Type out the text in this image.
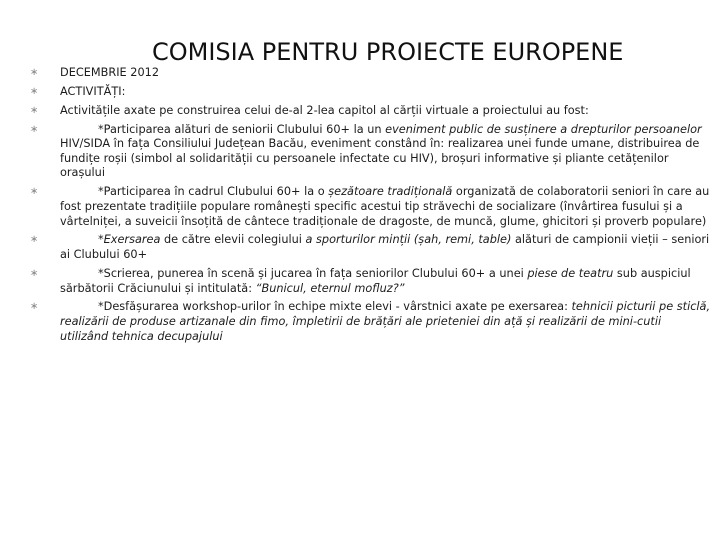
COMISIA PENTRU PROIECTE EUROPENE
∗ DECEMBRIE 2012
∗ ACTIVITĂȚI:
∗ Activitățile axate pe construirea celui de-al 2-lea capitol al cărții virtuale a proiectului au fost:
∗	*Participarea alături de seniorii Clubului 60+ la un eveniment public de susținere a drepturilor persoanelor HIV/SIDA în fața Consiliului Județean Bacău, eveniment constând în: realizarea unei funde umane, distribuirea de fundițe roșii (simbol al solidarității cu persoanele infectate cu HIV), broșuri informative și pliante cetățenilor orașului
∗	*Participarea în cadrul Clubului 60+ la o șezătoare tradițională organizată de colaboratorii seniori în care au fost prezentate tradițiile populare românești specific acestui tip străvechi de socializare (învârtirea fusului și a vârtelniței, a suveicii însoțită de cântece tradiționale de dragoste, de muncă, glume, ghicitori și proverb populare)
∗	*Exersarea de către elevii colegiului a sporturilor minții (șah, remi, table) alături de campionii vieții – seniori ai Clubului 60+
∗	*Scrierea, punerea în scenă și jucarea în fața seniorilor Clubului 60+ a unei piese de teatru sub auspiciul sărbătorii Crăciunului și intitulată: “Bunicul, eternul mofluz?”
∗	*Desfășurarea workshop-urilor în echipe mixte elevi - vârstnici axate pe exersarea: tehnicii picturii pe sticlă, realizării de produse artizanale din fimo, împletirii de brățări ale prieteniei din ață și realizării de mini-cutii utilizând tehnica decupajului
